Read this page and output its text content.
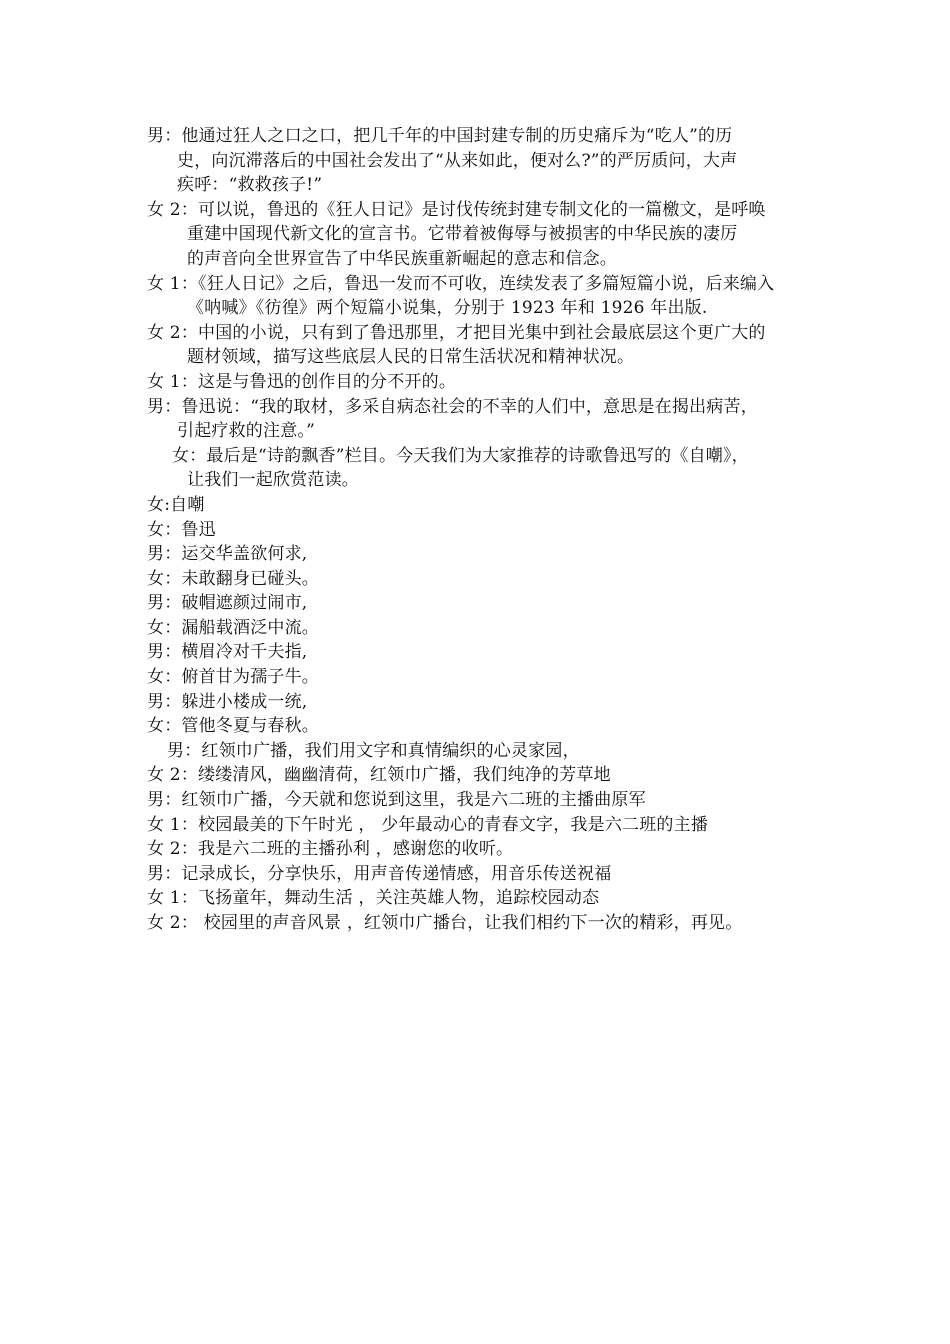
男：他通过狂人之口之口，把几千年的中国封建专制的历史痛斥为“吃人”的历
史，向沉滞落后的中国社会发出了“从来如此，便对么?”的严厉质问，大声
疾呼：“救救孩子!”
女 2：可以说，鲁迅的《狂人日记》是讨伐传统封建专制文化的一篇檄文，是呼唤
重建中国现代新文化的宣言书。它带着被侮辱与被损害的中华民族的凄厉
的声音向全世界宣告了中华民族重新崛起的意志和信念。
女 1：《狂人日记》之后，鲁迅一发而不可收，连续发表了多篇短篇小说，后来编入
《呐喊》《彷徨》两个短篇小说集，分别于 1923 年和 1926 年出版.
女 2：中国的小说，只有到了鲁迅那里，才把目光集中到社会最底层这个更广大的
题材领域，描写这些底层人民的日常生活状况和精神状况。
女 1：这是与鲁迅的创作目的分不开的。
男：鲁迅说：“我的取材，多采自病态社会的不幸的人们中，意思是在揭出病苦，
引起疗救的注意。”
女：最后是“诗韵飘香”栏目。今天我们为大家推荐的诗歌鲁迅写的《自嘲》，
让我们一起欣赏范读。
女:自嘲
女：鲁迅
男：运交华盖欲何求,
女：未敢翻身已碰头。
男：破帽遮颜过闹市,
女：漏船载酒泛中流。
男：横眉冷对千夫指,
女：俯首甘为孺子牛。
男：躲进小楼成一统,
女：管他冬夏与春秋。
男：红领巾广播，我们用文字和真情编织的心灵家园，
女 2：缕缕清风，幽幽清荷，红领巾广播，我们纯净的芳草地
男：红领巾广播，今天就和您说到这里，我是六二班的主播曲原军
女 1：校园最美的下午时光 ， 少年最动心的青春文字，我是六二班的主播
女 2：我是六二班的主播孙利 ，感谢您的收听。
男：记录成长，分享快乐，用声音传递情感，用音乐传送祝福
女 1：飞扬童年，舞动生活 ，关注英雄人物，追踪校园动态
女 2： 校园里的声音风景 ，红领巾广播台，让我们相约下一次的精彩，再见。
